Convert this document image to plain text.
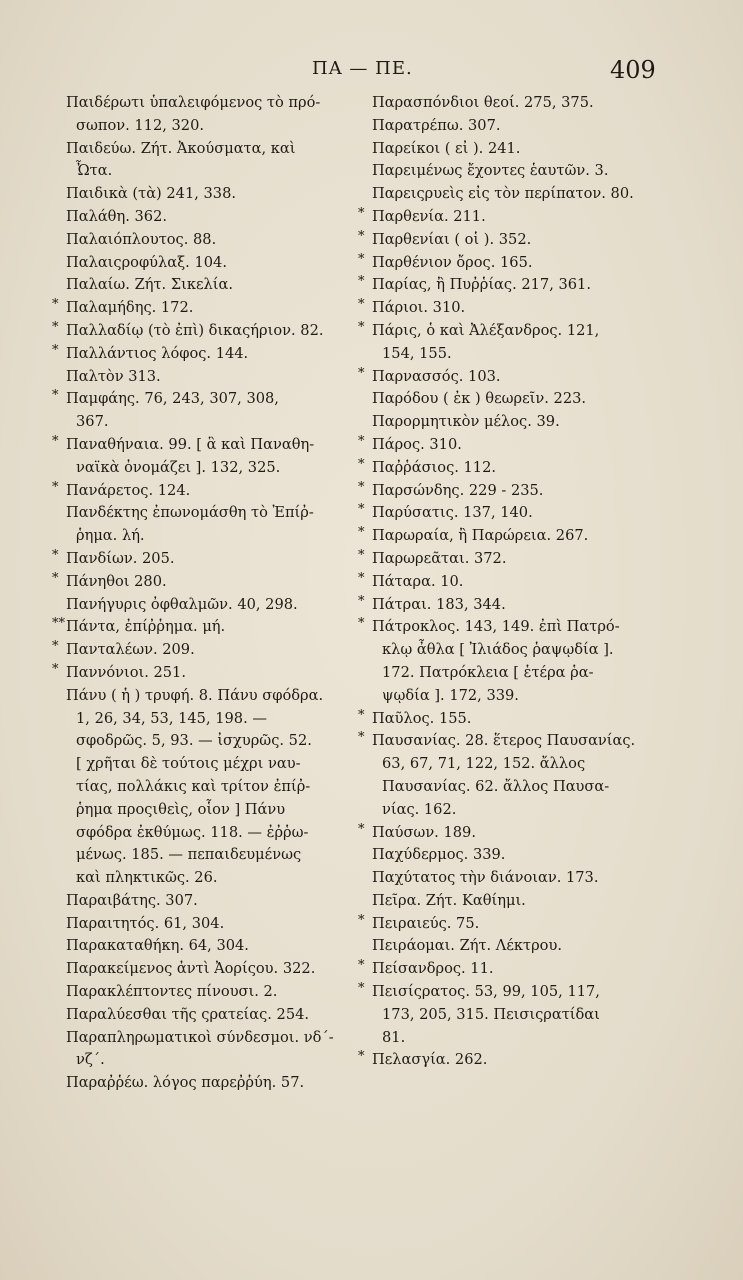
ΠΑ — ΠΕ.	409
Παιδέρωτι ὑπαλειφόμενος τὸ πρό-
σωπον. 112, 320.
Παιδεύω. Ζήτ. Ἀκούσματα, καὶ
Ὦτα.
Παιδικὰ (τὰ) 241, 338.
Παλάθη. 362.
Παλαιόπλουτος. 88.
Παλαιςροφύλαξ. 104.
Παλαίω. Ζήτ. Σικελία.
* Παλαμήδης. 172.
* Παλλαδίῳ (τὸ ἐπὶ) δικαςήριον. 82.
* Παλλάντιος λόφος. 144.
Παλτὸν 313.
* Παμφάης. 76, 243, 307, 308,
367.
* Παναθήναια. 99. [ ἃ καὶ Παναθη-
ναϊκὰ ὀνομάζει ]. 132, 325.
* Πανάρετος. 124.
Πανδέκτης ἐπωνομάσθη τὸ Ἐπίῤ-
ῥημα. λή.
* Πανδίων. 205.
* Πάνηθοι 280.
Πανήγυρις ὀφθαλμῶν. 40, 298.
** Πάντα, ἐπίῤῥημα. μή.
* Πανταλέων. 209.
* Παννόνιοι. 251.
Πάνυ ( ἡ ) τρυφή. 8. Πάνυ σφόδρα.
1, 26, 34, 53, 145, 198. —
σφοδρῶς. 5, 93. — ἰσχυρῶς. 52.
[ χρῆται δὲ τούτοις μέχρι ναυ-
τίας, πολλάκις καὶ τρίτον ἐπίῤ-
ῥημα προςιθεὶς, οἷον ] Πάνυ
σφόδρα ἐκθύμως. 118. — ἐῤῥω-
μένως. 185. — πεπαιδευμένως
καὶ πληκτικῶς. 26.
Παραιβάτης. 307.
Παραιτητός. 61, 304.
Παρακαταθήκη. 64, 304.
Παρακείμενος ἀντὶ Ἀορίςου. 322.
Παρακλέπτοντες πίνουσι. 2.
Παραλύεσθαι τῆς ςρατείας. 254.
Παραπληρωματικοὶ σύνδεσμοι. νδ´-
νζ´.
Παραῤῥέω. λόγος παρεῤῥύη. 57.
Παρασπόνδιοι θεοί. 275, 375.
Παρατρέπω. 307.
Παρείκοι ( εἰ ). 241.
Παρειμένως ἔχοντες ἑαυτῶν. 3.
Παρειςρυεὶς εἰς τὸν περίπατον. 80.
* Παρθενία. 211.
* Παρθενίαι ( οἱ ). 352.
* Παρθένιον ὄρος. 165.
* Παρίας, ἢ Πυῤῥίας. 217, 361.
* Πάριοι. 310.
* Πάρις, ὁ καὶ Ἀλέξανδρος. 121,
154, 155.
* Παρνασσός. 103.
Παρόδου ( ἐκ ) θεωρεῖν. 223.
Παρορμητικὸν μέλος. 39.
* Πάρος. 310.
* Παῤῥάσιος. 112.
* Παρσώνδης. 229 - 235.
* Παρύσατις. 137, 140.
* Παρωραία, ἢ Παρώρεια. 267.
* Παρωρεᾶται. 372.
* Πάταρα. 10.
* Πάτραι. 183, 344.
* Πάτροκλος. 143, 149. ἐπὶ Πατρό-
κλῳ ἆθλα [ Ἰλιάδος ῥαψῳδία ].
172. Πατρόκλεια [ ἑτέρα ῥα-
ψῳδία ]. 172, 339.
* Παῦλος. 155.
* Παυσανίας. 28. ἕτερος Παυσανίας.
63, 67, 71, 122, 152. ἄλλος
Παυσανίας. 62. ἄλλος Παυσα-
νίας. 162.
* Παύσων. 189.
Παχύδερμος. 339.
Παχύτατος τὴν διάνοιαν. 173.
Πεῖρα. Ζήτ. Καθίημι.
* Πειραιεύς. 75.
Πειράομαι. Ζήτ. Λέκτρου.
* Πείσανδρος. 11.
* Πεισίςρατος. 53, 99, 105, 117,
173, 205, 315. Πεισιςρατίδαι
81.
* Πελασγία. 262.
